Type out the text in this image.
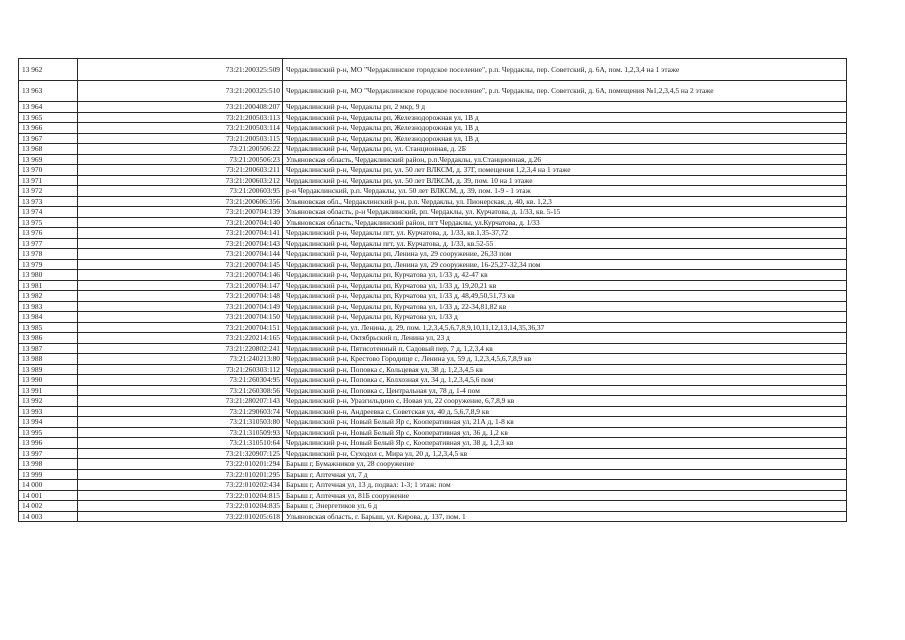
13 962	73:21:200325:509	Чердаклинский р-н, МО "Чердаклинское городское поселение", р.п. Чердаклы, пер. Советский, д. 6А, пом. 1,2,3,4 на 1 этаже
13 963	73:21:200325:510	Чердаклинский р-н, МО "Чердаклинское городское поселение", р.п. Чердаклы, пер. Советский, д. 6А, помещения №1,2,3,4,5 на 2 этаже
13 964	73:21:200408:207	Чердаклинский р-н, Чердаклы рп, 2 мкр, 9 д
13 965	73:21:200503:113	Чердаклинский р-н, Чердаклы рп, Железнодорожная ул, 1В д
13 966	73:21:200503:114	Чердаклинский р-н, Чердаклы рп, Железнодорожная ул, 1В д
13 967	73:21:200503:115	Чердаклинский р-н, Чердаклы рп, Железнодорожная ул, 1В д
13 968	73:21:200506:22	Чердаклинский р-н, Чердаклы рп, ул. Станционная, д. 2Б
13 969	73:21:200506:23	Ульяновская область, Чердаклинский район, р.п.Чердаклы, ул.Станционная, д.26
13 970	73:21:200603:211	Чердаклинский р-н, Чердаклы рп, ул. 50 лет ВЛКСМ, д. 37Г, помещения 1,2,3,4 на 1 этаже
13 971	73:21:200603:212	Чердаклинский р-н, Чердаклы рп, ул. 50 лет ВЛКСМ, д. 39, пом. 10 на 1 этаже
13 972	73:21:200603:95	р-н Чердаклинский, р.п. Чердаклы, ул. 50 лет ВЛКСМ, д. 39, пом. 1-9 - 1 этаж
13 973	73:21:200606:356	Ульяновская обл., Чердаклинский р-н, р.п. Чердаклы, ул. Пионерская, д. 40, кв. 1,2,3
13 974	73:21:200704:139	Ульяновская область, р-н Чердаклинский, рп. Чердаклы, ул. Курчатова, д. 1/33, кв. 5-15
13 975	73:21:200704:140	Ульяновская область, Чердаклинский район, пгт Чердаклы, ул.Курчатова, д. 1/33
13 976	73:21:200704:141	Чердаклинский р-н, Чердаклы пгт, ул. Курчатова, д. 1/33, кв.1,35-37,72
13 977	73:21:200704:143	Чердаклинский р-н, Чердаклы пгт, ул. Курчатова, д. 1/33, кв.52-55
13 978	73:21:200704:144	Чердаклинский р-н, Чердаклы рп, Ленина ул, 29 сооружение, 26,33 пом
13 979	73:21:200704:145	Чердаклинский р-н, Чердаклы рп, Ленина ул, 29 сооружение, 16-25,27-32,34 пом
13 980	73:21:200704:146	Чердаклинский р-н, Чердаклы рп, Курчатова ул, 1/33 д, 42-47 кв
13 981	73:21:200704:147	Чердаклинский р-н, Чердаклы рп, Курчатова ул, 1/33 д, 19,20,21 кв
13 982	73:21:200704:148	Чердаклинский р-н, Чердаклы рп, Курчатова ул, 1/33 д, 48,49,50,51,73 кв
13 983	73:21:200704:149	Чердаклинский р-н, Чердаклы рп, Курчатова ул, 1/33 д, 22-34,81,82 кв
13 984	73:21:200704:150	Чердаклинский р-н, Чердаклы рп, Курчатова ул, 1/33 д
13 985	73:21:200704:151	Чердаклинский р-н, ул. Ленина, д. 29, пом. 1,2,3,4,5,6,7,8,9,10,11,12,13,14,35,36,37
13 986	73:21:220214:165	Чердаклинский р-н, Октябрьский п, Ленина ул, 23 д
13 987	73:21:220802:241	Чердаклинский р-н, Пятисотенный п, Садовый пер, 7 д, 1,2,3,4 кв
13 988	73:21:240213:80	Чердаклинский р-н, Крестово Городище с, Ленина ул, 59 д, 1,2,3,4,5,6,7,8,9 кв
13 989	73:21:260303:112	Чердаклинский р-н, Поповка с, Кольцевая ул, 38 д, 1,2,3,4,5 кв
13 990	73:21:260304:95	Чердаклинский р-н, Поповка с, Колхозная ул, 34 д, 1,2,3,4,5,6 пом
13 991	73:21:260308:56	Чердаклинский р-н, Поповка с, Центральная ул, 78 д, 1-4 пом
13 992	73:21:280207:143	Чердаклинский р-н, Уразгильдино с, Новая ул, 22 сооружение, 6,7,8,9 кв
13 993	73:21:290603:74	Чердаклинский р-н, Андреевка с, Советская ул, 40 д, 5,6,7,8,9 кв
13 994	73:21:310503:80	Чердаклинский р-н, Новый Белый Яр с, Кооперативная ул, 21А д, 1-8 кв
13 995	73:21:310509:93	Чердаклинский р-н, Новый Белый Яр с, Кооперативная ул, 36 д, 1,2 кв
13 996	73:21:310510:64	Чердаклинский р-н, Новый Белый Яр с, Кооперативная ул, 38 д, 1,2,3 кв
13 997	73:21:320907:125	Чердаклинский р-н, Суходол с, Мира ул, 20 д, 1,2,3,4,5 кв
13 998	73:22:010201:294	Барыш г, Бумажников ул, 28 сооружение
13 999	73:22:010201:295	Барыш г, Аптечная ул, 7 д
14 000	73:22:010202:434	Барыш г, Аптечная ул, 13 д, подвал: 1-3; 1 этаж: пом
14 001	73:22:010204:815	Барыш г, Аптечная ул, 81Б сооружение
14 002	73:22:010204:835	Барыш г, Энергетиков ул, 6 д
14 003	73:22:010205:618	Ульяновская область, г. Барыш, ул. Кирова, д. 137, пом. 1
